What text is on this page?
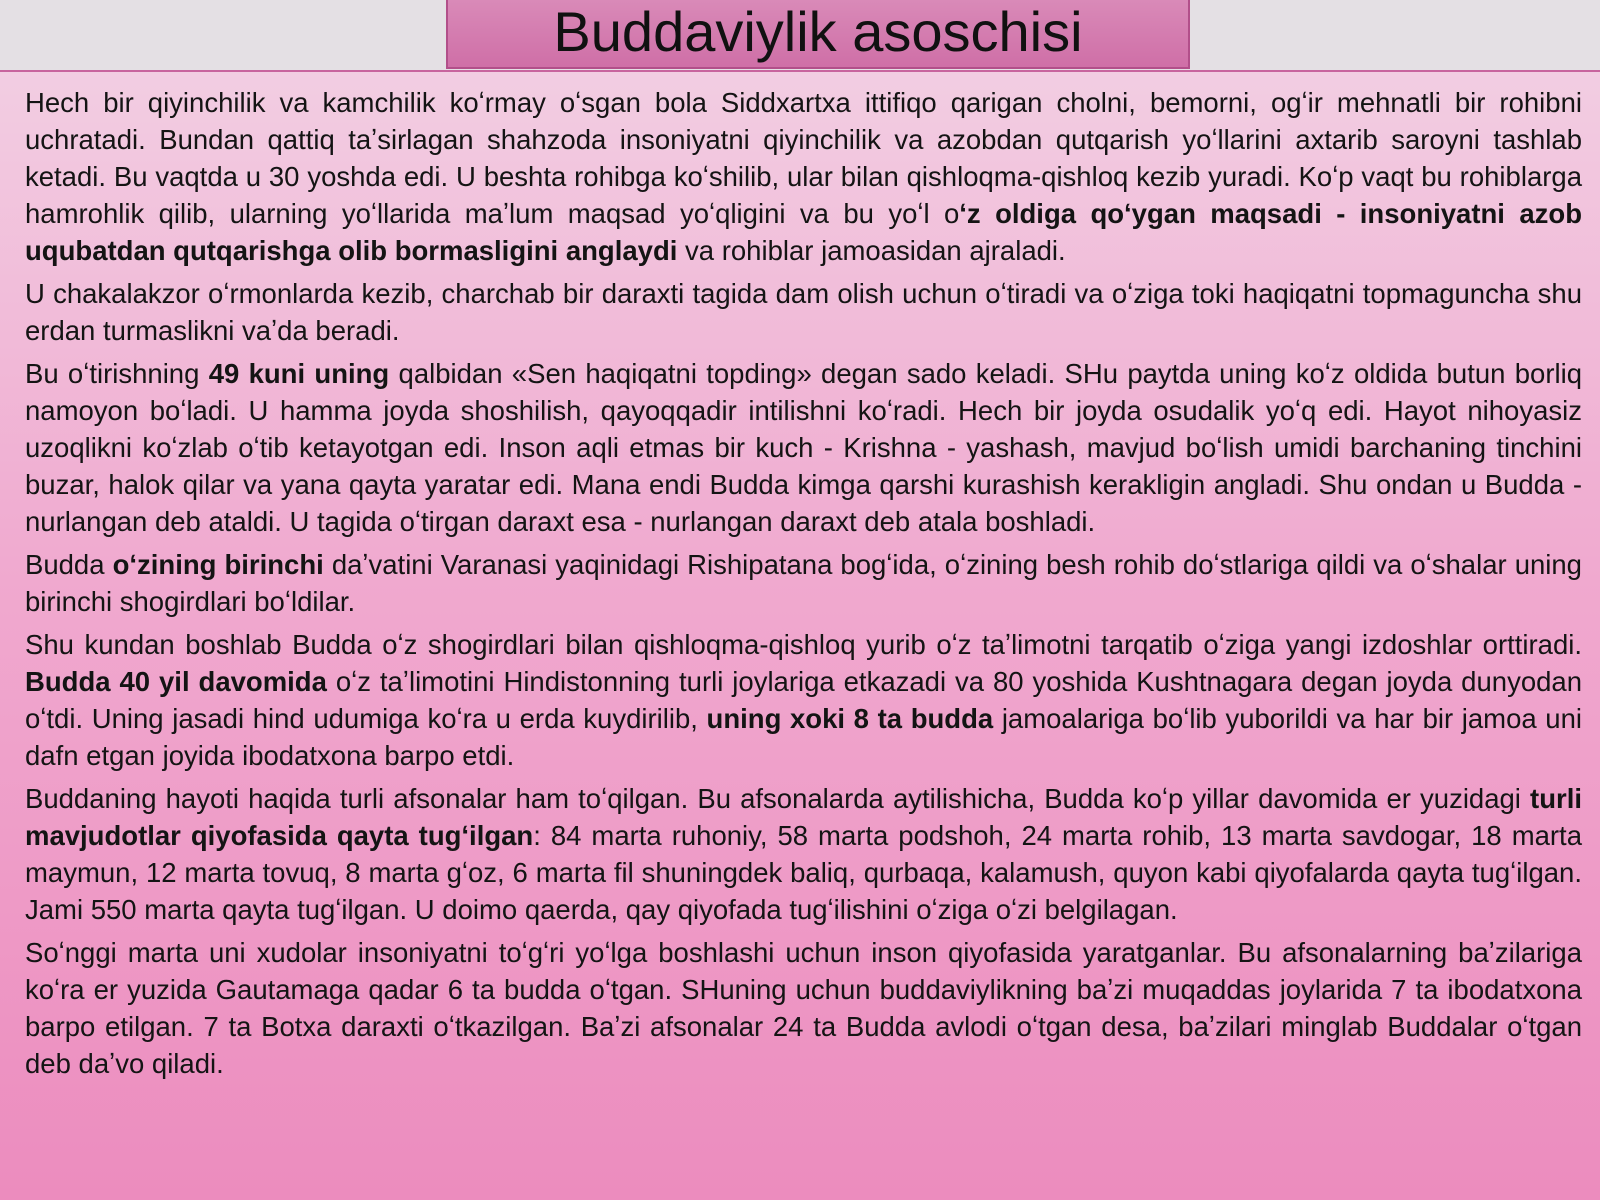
Buddaviylik asoschisi

Hech bir qiyinchilik va kamchilik koʻrmay oʻsgan bola Siddxartxa ittifiqo qarigan cholni, bemorni, ogʻir mehnatli bir rohibni uchratadi. Bundan qattiq taʼsirlagan shahzoda insoniyatni qiyinchilik va azobdan qutqarish yoʻllarini axtarib saroyni tashlab ketadi. Bu vaqtda u 30 yoshda edi. U beshta rohibga koʻshilib, ular bilan qishloqma-qishloq kezib yuradi. Koʻp vaqt bu rohiblarga hamrohlik qilib, ularning yoʻllarida maʼlum maqsad yoʻqligini va bu yoʻl oʻz oldiga qoʻygan maqsadi - insoniyatni azob uqubatdan qutqarishga olib bormasligini anglaydi va rohiblar jamoasidan ajraladi.

U chakalakzor oʻrmonlarda kezib, charchab bir daraxti tagida dam olish uchun oʻtiradi va oʻziga toki haqiqatni topmaguncha shu erdan turmaslikni vaʼda beradi.

Bu oʻtirishning 49 kuni uning qalbidan «Sen haqiqatni topding» degan sado keladi. SHu paytda uning koʻz oldida butun borliq namoyon boʻladi. U hamma joyda shoshilish, qayoqqadir intilishni koʻradi. Hech bir joyda osudalik yoʻq edi. Hayot nihoyasiz uzoqlikni koʻzlab oʻtib ketayotgan edi. Inson aqli etmas bir kuch - Krishna - yashash, mavjud boʻlish umidi barchaning tinchini buzar, halok qilar va yana qayta yaratar edi. Mana endi Budda kimga qarshi kurashish kerakligin angladi. Shu ondan u Budda - nurlangan deb ataldi. U tagida oʻtirgan daraxt esa - nurlangan daraxt deb atala boshladi.

Budda oʻzining birinchi daʼvatini Varanasi yaqinidagi Rishipatana bogʻida, oʻzining besh rohib doʻstlariga qildi va oʻshalar uning birinchi shogirdlari boʻldilar.

Shu kundan boshlab Budda oʻz shogirdlari bilan qishloqma-qishloq yurib oʻz taʼlimotni tarqatib oʻziga yangi izdoshlar orttiradi. Budda 40 yil davomida oʻz taʼlimotini Hindistonning turli joylariga etkazadi va 80 yoshida Kushtnagara degan joyda dunyodan oʻtdi. Uning jasadi hind udumiga koʻra u erda kuydirilib, uning xoki 8 ta budda jamoalariga boʻlib yuborildi va har bir jamoa uni dafn etgan joyida ibodatxona barpo etdi.

Buddaning hayoti haqida turli afsonalar ham toʻqilgan. Bu afsonalarda aytilishicha, Budda koʻp yillar davomida er yuzidagi turli mavjudotlar qiyofasida qayta tugʻilgan: 84 marta ruhoniy, 58 marta podshoh, 24 marta rohib, 13 marta savdogar, 18 marta maymun, 12 marta tovuq, 8 marta gʻoz, 6 marta fil shuningdek baliq, qurbaqa, kalamush, quyon kabi qiyofalarda qayta tugʻilgan. Jami 550 marta qayta tugʻilgan. U doimo qaerda, qay qiyofada tugʻilishini oʻziga oʻzi belgilagan.

Soʻnggi marta uni xudolar insoniyatni toʻgʻri yoʻlga boshlashi uchun inson qiyofasida yaratganlar. Bu afsonalarning baʼzilariga koʻra er yuzida Gautamaga qadar 6 ta budda oʻtgan. SHuning uchun buddaviylikning baʼzi muqaddas joylarida 7 ta ibodatxona barpo etilgan. 7 ta Botxa daraxti oʻtkazilgan. Baʼzi afsonalar 24 ta Budda avlodi oʻtgan desa, baʼzilari minglab Buddalar oʻtgan deb daʼvo qiladi.
